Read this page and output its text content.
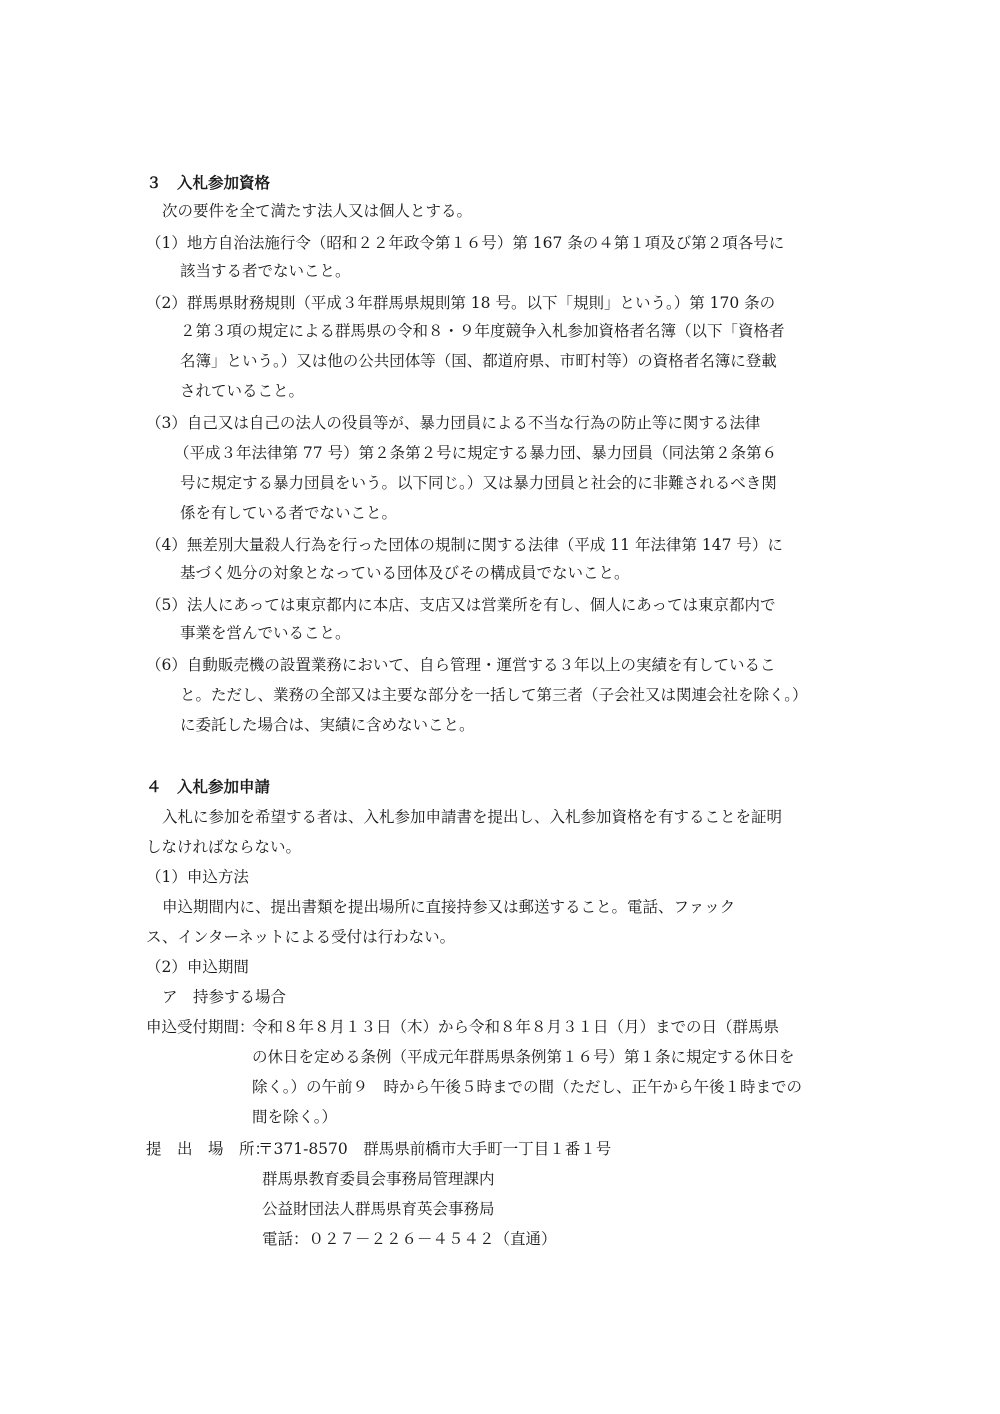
３　入札参加資格
次の要件を全て満たす法人又は個人とする。
（1）地方自治法施行令（昭和２２年政令第１６号）第 167 条の４第１項及び第２項各号に
該当する者でないこと。
（2）群馬県財務規則（平成３年群馬県規則第 18 号。以下「規則」という。）第 170 条の
２第３項の規定による群馬県の令和８・９年度競争入札参加資格者名簿（以下「資格者
名簿」という。）又は他の公共団体等（国、都道府県、市町村等）の資格者名簿に登載
されていること。
（3）自己又は自己の法人の役員等が、暴力団員による不当な行為の防止等に関する法律
（平成３年法律第 77 号）第２条第２号に規定する暴力団、暴力団員（同法第２条第６
号に規定する暴力団員をいう。以下同じ。）又は暴力団員と社会的に非難されるべき関
係を有している者でないこと。
（4）無差別大量殺人行為を行った団体の規制に関する法律（平成 11 年法律第 147 号）に
基づく処分の対象となっている団体及びその構成員でないこと。
（5）法人にあっては東京都内に本店、支店又は営業所を有し、個人にあっては東京都内で
事業を営んでいること。
（6）自動販売機の設置業務において、自ら管理・運営する３年以上の実績を有しているこ
と。ただし、業務の全部又は主要な部分を一括して第三者（子会社又は関連会社を除く。）
に委託した場合は、実績に含めないこと。
４　入札参加申請
入札に参加を希望する者は、入札参加申請書を提出し、入札参加資格を有することを証明
しなければならない。
（1）申込方法
申込期間内に、提出書類を提出場所に直接持参又は郵送すること。電話、ファック
ス、インターネットによる受付は行わない。
（2）申込期間
ア　持参する場合
申込受付期間：
令和８年８月１３日（木）から令和８年８月３１日（月）までの日（群馬県
の休日を定める条例（平成元年群馬県条例第１６号）第１条に規定する休日を
除く。）の午前９　時から午後５時までの間（ただし、正午から午後１時までの
間を除く。）
提　出　場　所：
〒371-8570　群馬県前橋市大手町一丁目１番１号
群馬県教育委員会事務局管理課内
公益財団法人群馬県育英会事務局
電話：０２７－２２６－４５４２（直通）
